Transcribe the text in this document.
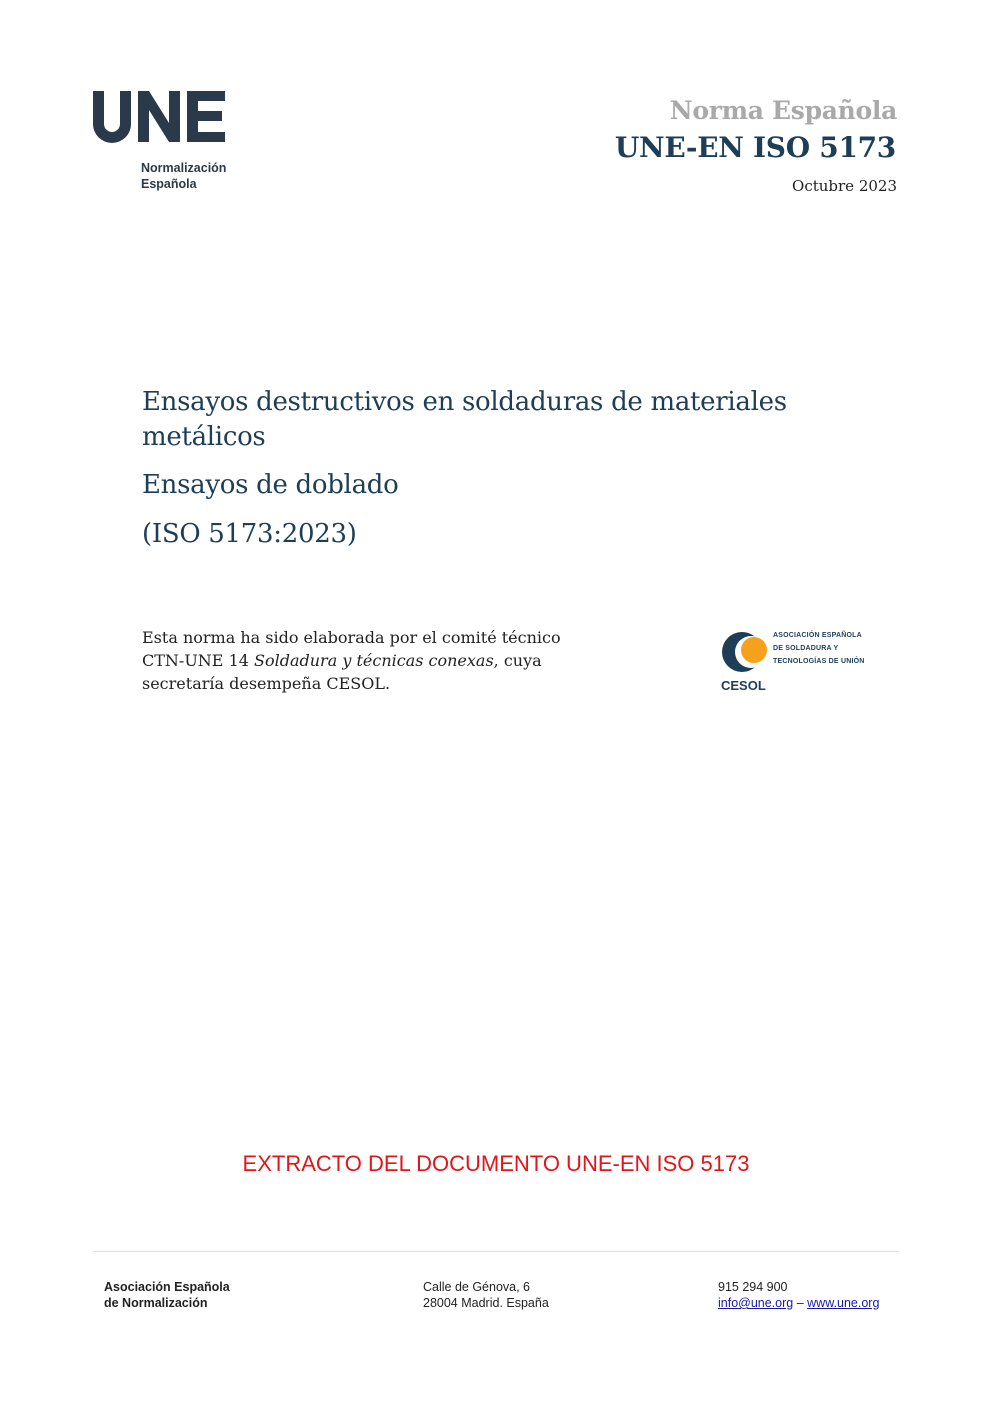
Normalización
Española
Norma Española
UNE-EN ISO 5173
Octubre 2023
Ensayos destructivos en soldaduras de materiales
metálicos
Ensayos de doblado
(ISO 5173:2023)
Esta norma ha sido elaborada por el comité técnico
CTN-UNE 14 Soldadura y técnicas conexas, cuya
secretaría desempeña CESOL.
ASOCIACIÓN ESPAÑOLA
DE SOLDADURA Y
TECNOLOGÍAS DE UNIÓN
CESOL
EXTRACTO DEL DOCUMENTO UNE-EN ISO 5173
Asociación Española
de Normalización
Calle de Génova, 6
28004 Madrid. España
915 294 900
info@une.org – www.une.org
